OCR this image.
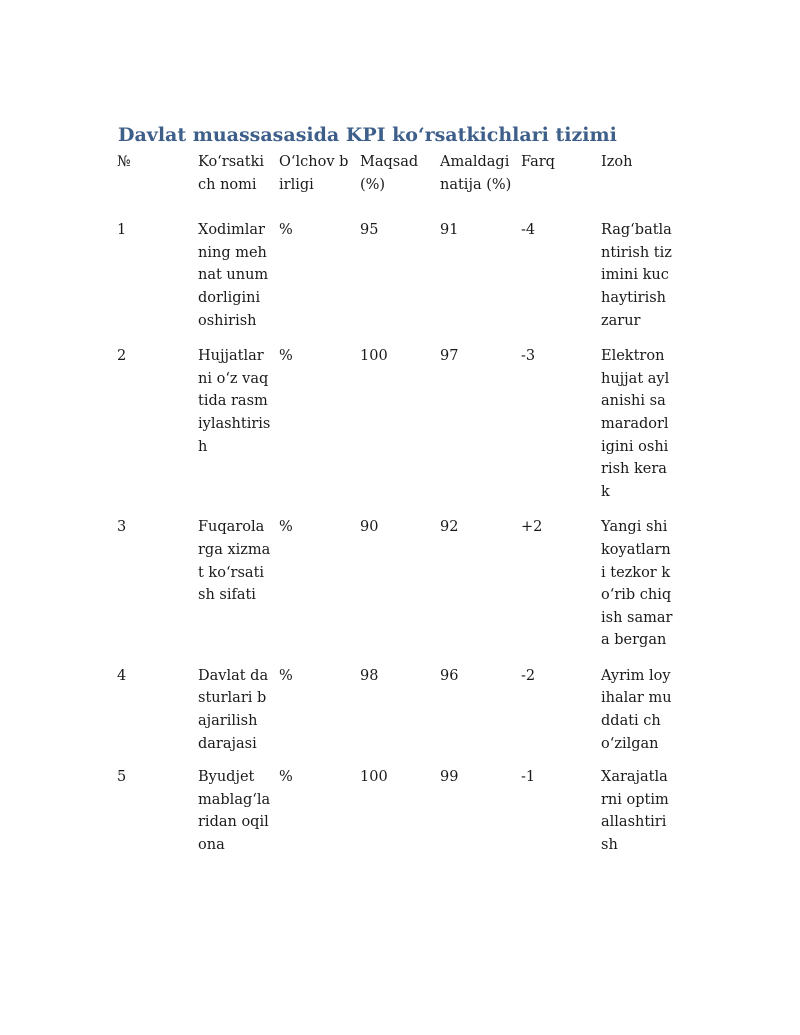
Davlat muassasasida KPI ko‘rsatkichlari tizimi
№	Ko‘rsatkich nomi	O‘lchov birligi	Maqsad (%)	Amaldagi natija (%)	Farq	Izoh
1	Xodimlarning mehnat unumdorligini oshirish	%	95	91	-4	Rag‘batlantirish tizimini kuchaytirish zarur
2	Hujjatlarni o‘z vaqtida rasmiylashtirish	%	100	97	-3	Elektron hujjat aylanishi samaradorligini oshirish kerak
3	Fuqarolarga xizmat ko‘rsatish sifati	%	90	92	+2	Yangi shikoyatlarni tezkor ko‘rib chiqish samara bergan
4	Davlat dasturlari bajarilish darajasi	%	98	96	-2	Ayrim loyihalar muddati cho‘zilgan
5	Byudjet mablag‘laridan oqilona	%	100	99	-1	Xarajatlarni optimallashtirish
